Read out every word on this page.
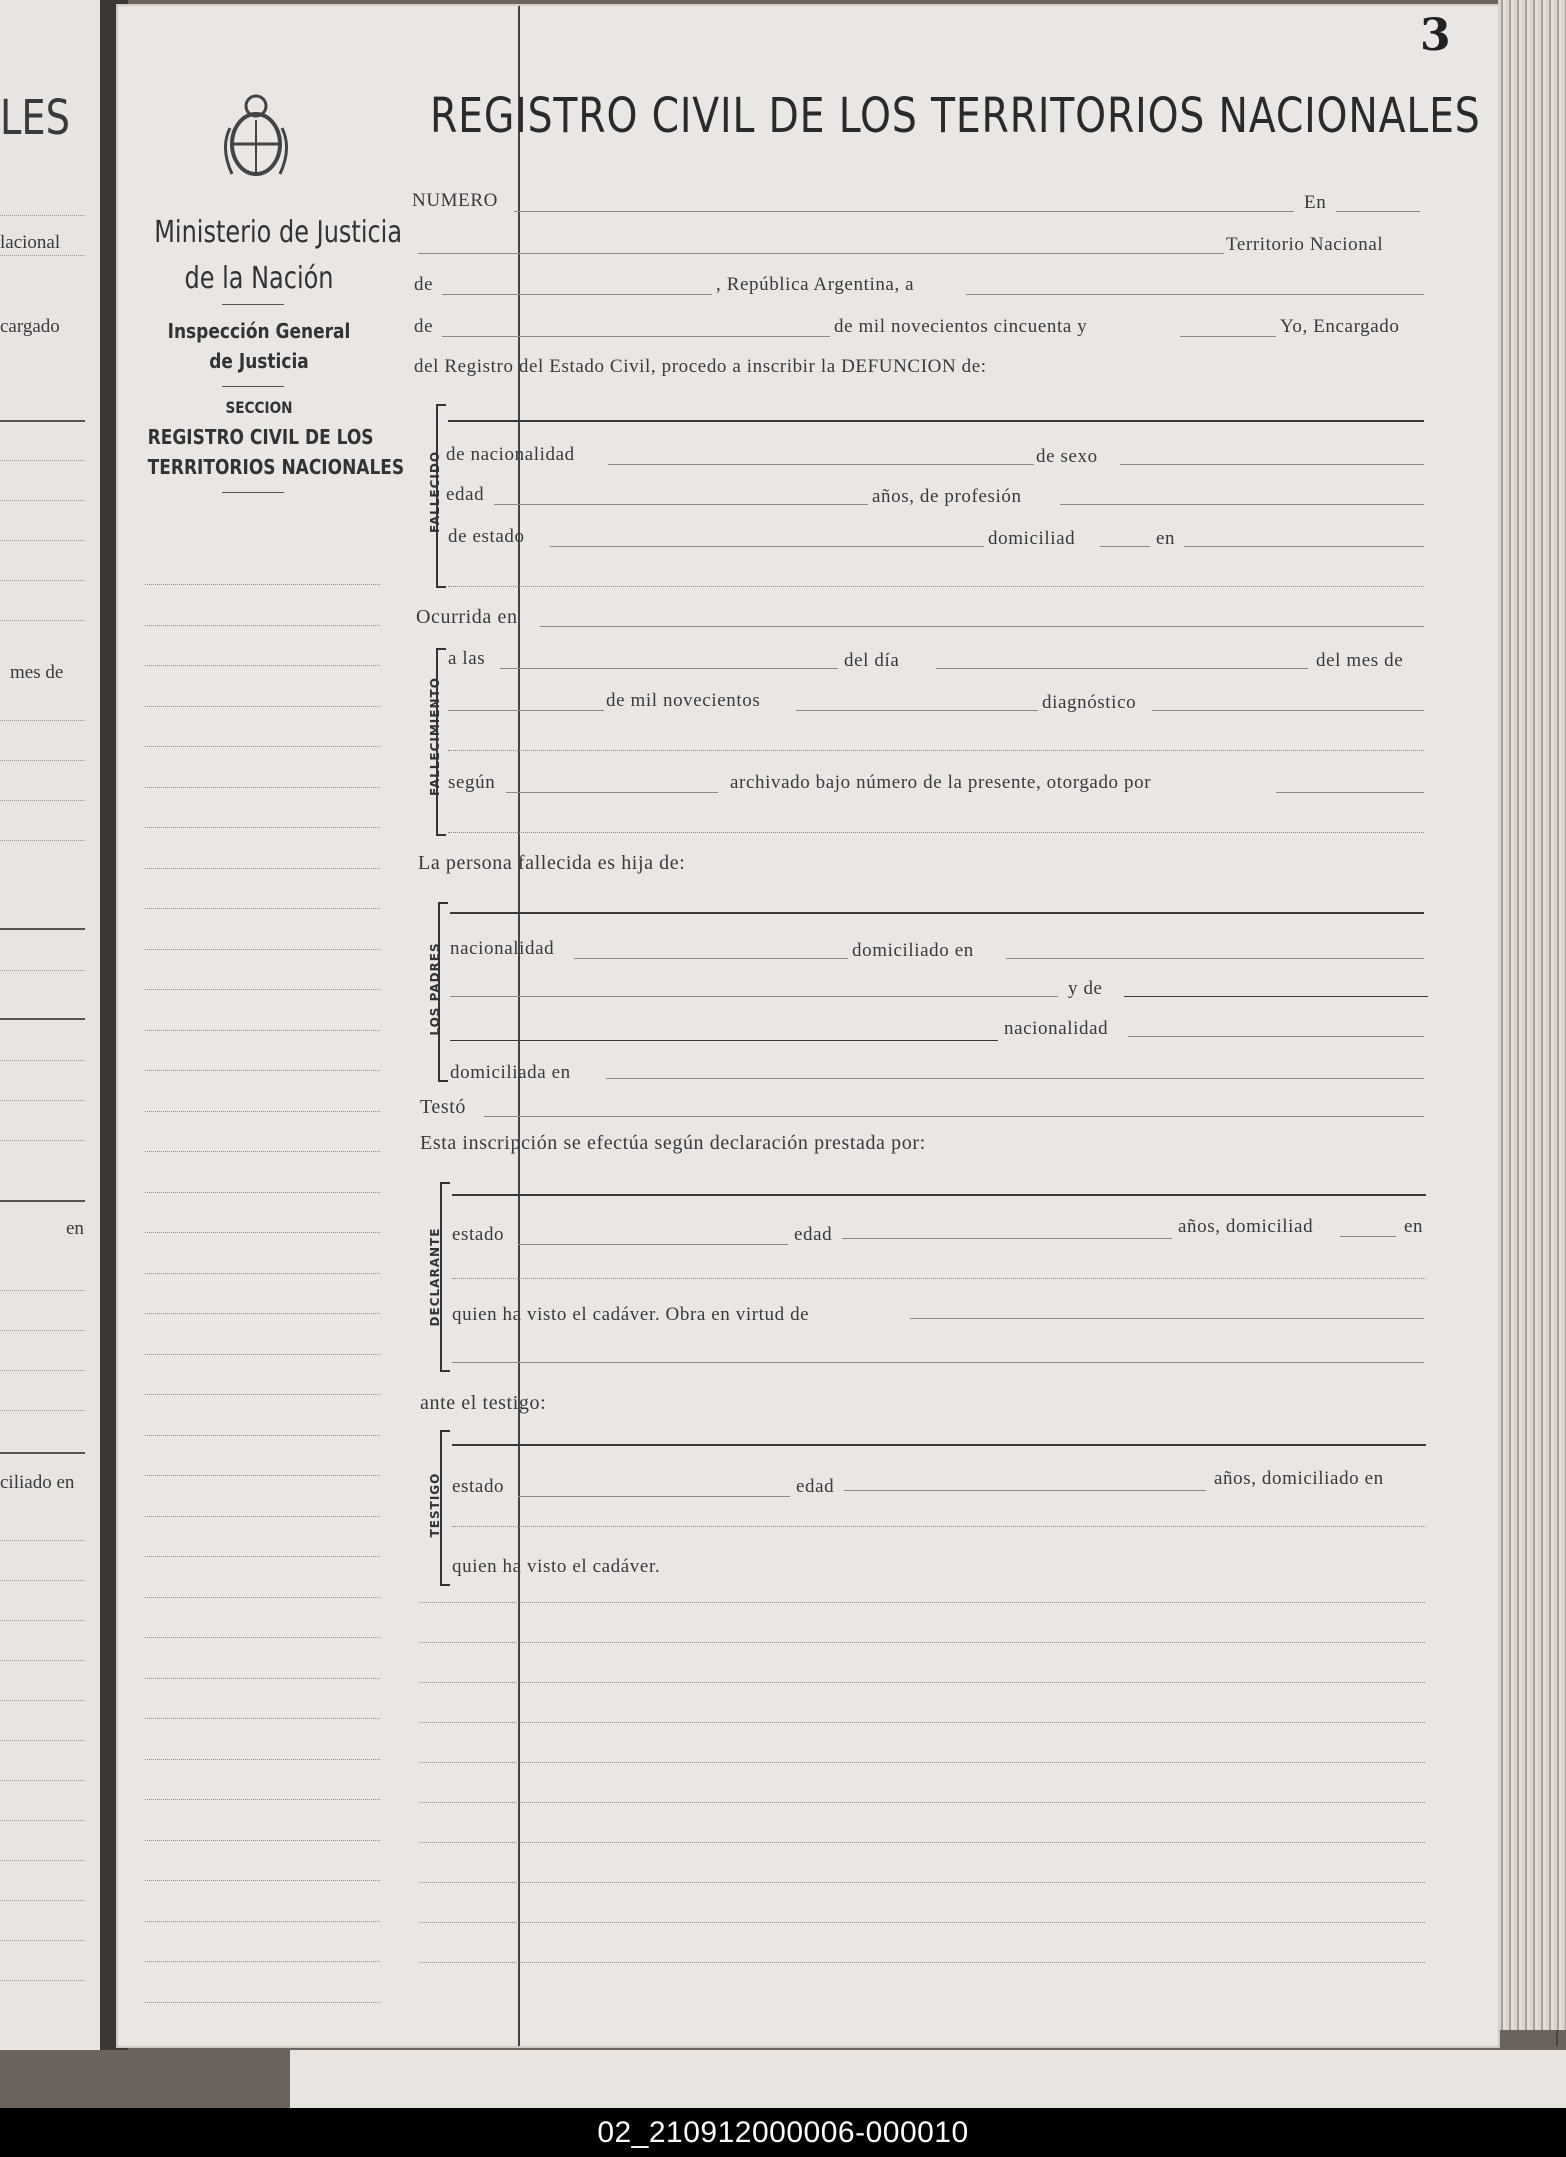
LES
lacional
cargado
mes de
en
ciliado en
3
REGISTRO CIVIL DE LOS TERRITORIOS NACIONALES
Ministerio de Justicia
de la Nación
Inspección General
de Justicia
SECCION
REGISTRO CIVIL DE LOS
TERRITORIOS NACIONALES
NUMERO	En
Territorio Nacional
de	, República Argentina, a
de	de mil novecientos cincuenta y	Yo, Encargado
del Registro del Estado Civil, procedo a inscribir la DEFUNCION de:
FALLECIDO de nacionalidad	de sexo
edad	años, de profesión
de estado	domiciliad	en
Ocurrida en
FALLECIMIENTO
a las	del día	del mes de
de mil novecientos	diagnóstico
según	archivado bajo número de la presente, otorgado por
La persona fallecida es hija de:
LOS PADRES nacionalidad	domiciliado en
y de
nacionalidad
domiciliada en
Testó
Esta inscripción se efectúa según declaración prestada por:
DECLARANTE estado	edad	años, domiciliad	en
quien ha visto el cadáver. Obra en virtud de
ante el testigo:
TESTIGO estado	edad	años, domiciliado en
quien ha visto el cadáver.
02_210912000006-000010
